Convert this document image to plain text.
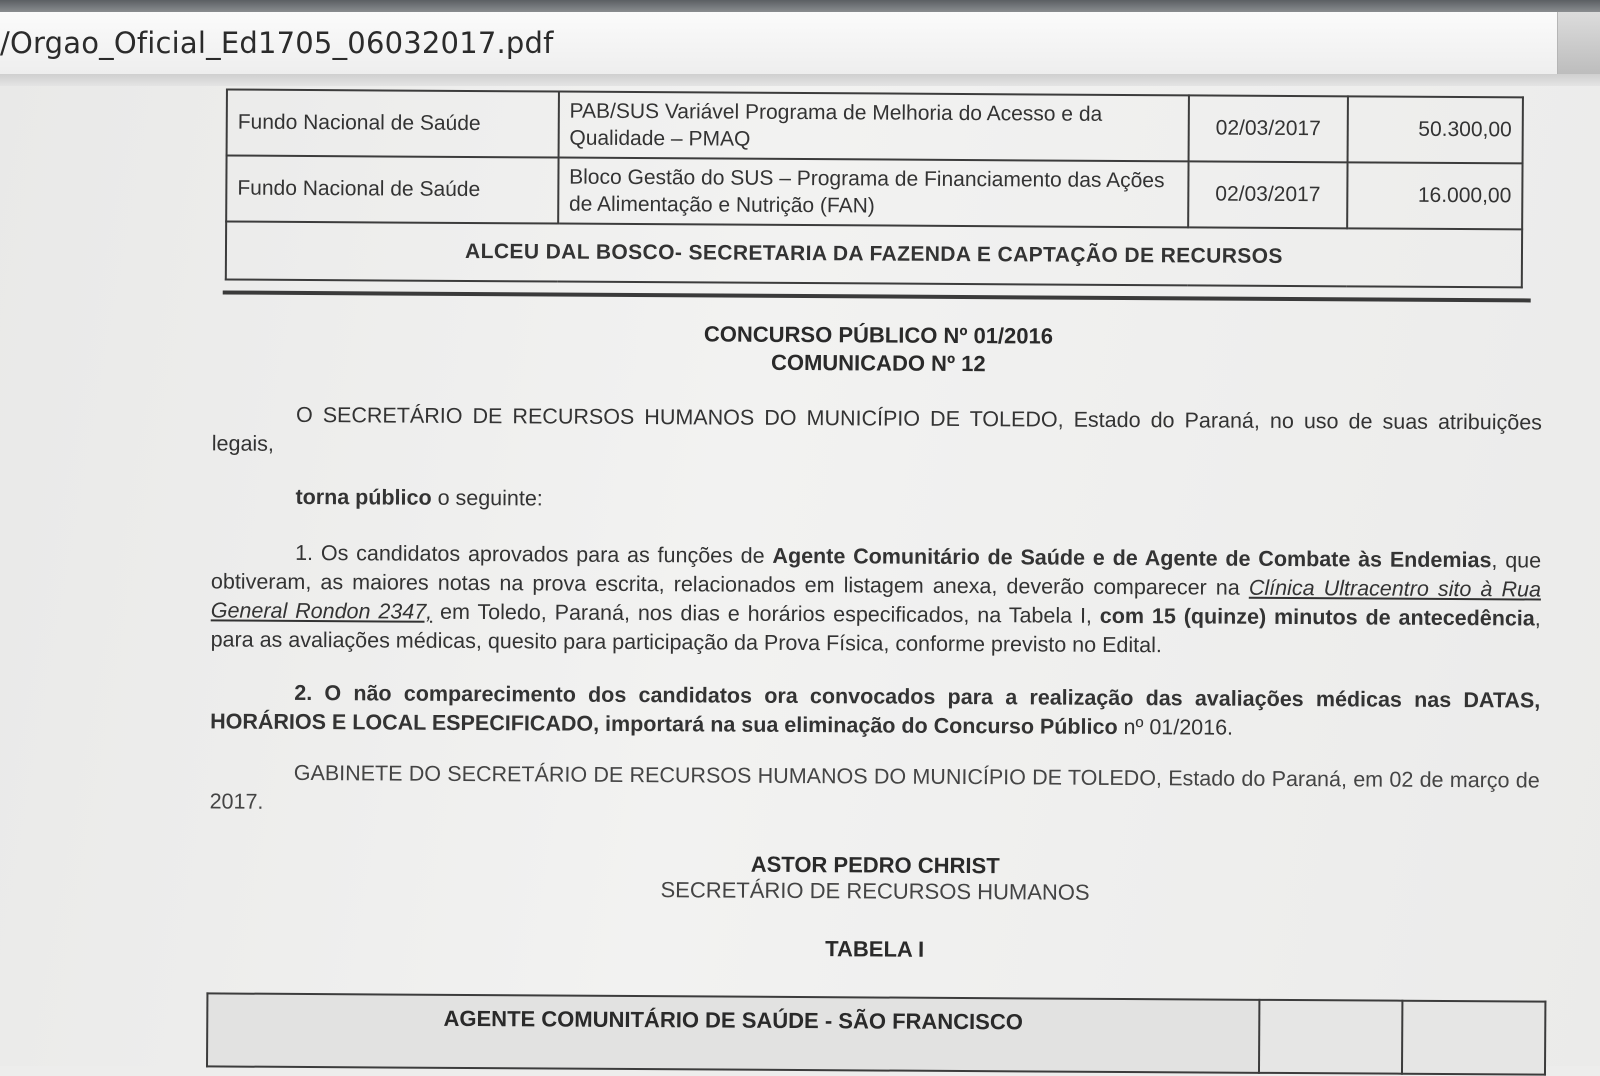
/Orgao_Oficial_Ed1705_06032017.pdf
Fundo Nacional de Saúde	PAB/SUS Variável Programa de Melhoria do Acesso e da Qualidade – PMAQ	02/03/2017	50.300,00
Fundo Nacional de Saúde	Bloco Gestão do SUS – Programa de Financiamento das Ações de Alimentação e Nutrição (FAN)	02/03/2017	16.000,00
ALCEU DAL BOSCO- SECRETARIA DA FAZENDA E CAPTAÇÃO DE RECURSOS			
CONCURSO PÚBLICO Nº 01/2016
COMUNICADO Nº 12
O SECRETÁRIO DE RECURSOS HUMANOS DO MUNICÍPIO DE TOLEDO, Estado do Paraná, no uso de suas atribuições legais,
torna público o seguinte:
1. Os candidatos aprovados para as funções de Agente Comunitário de Saúde e de Agente de Combate às Endemias, que obtiveram, as maiores notas na prova escrita, relacionados em listagem anexa, deverão comparecer na Clínica Ultracentro sito à Rua General Rondon 2347, em Toledo, Paraná, nos dias e horários especificados, na Tabela I, com 15 (quinze) minutos de antecedência, para as avaliações médicas, quesito para participação da Prova Física, conforme previsto no Edital.
2. O não comparecimento dos candidatos ora convocados para a realização das avaliações médicas nas DATAS, HORÁRIOS E LOCAL ESPECIFICADO, importará na sua eliminação do Concurso Público nº 01/2016.
GABINETE DO SECRETÁRIO DE RECURSOS HUMANOS DO MUNICÍPIO DE TOLEDO, Estado do Paraná, em 02 de março de 2017.
ASTOR PEDRO CHRIST
SECRETÁRIO DE RECURSOS HUMANOS
TABELA I
AGENTE COMUNITÁRIO DE SAÚDE - SÃO FRANCISCO		
